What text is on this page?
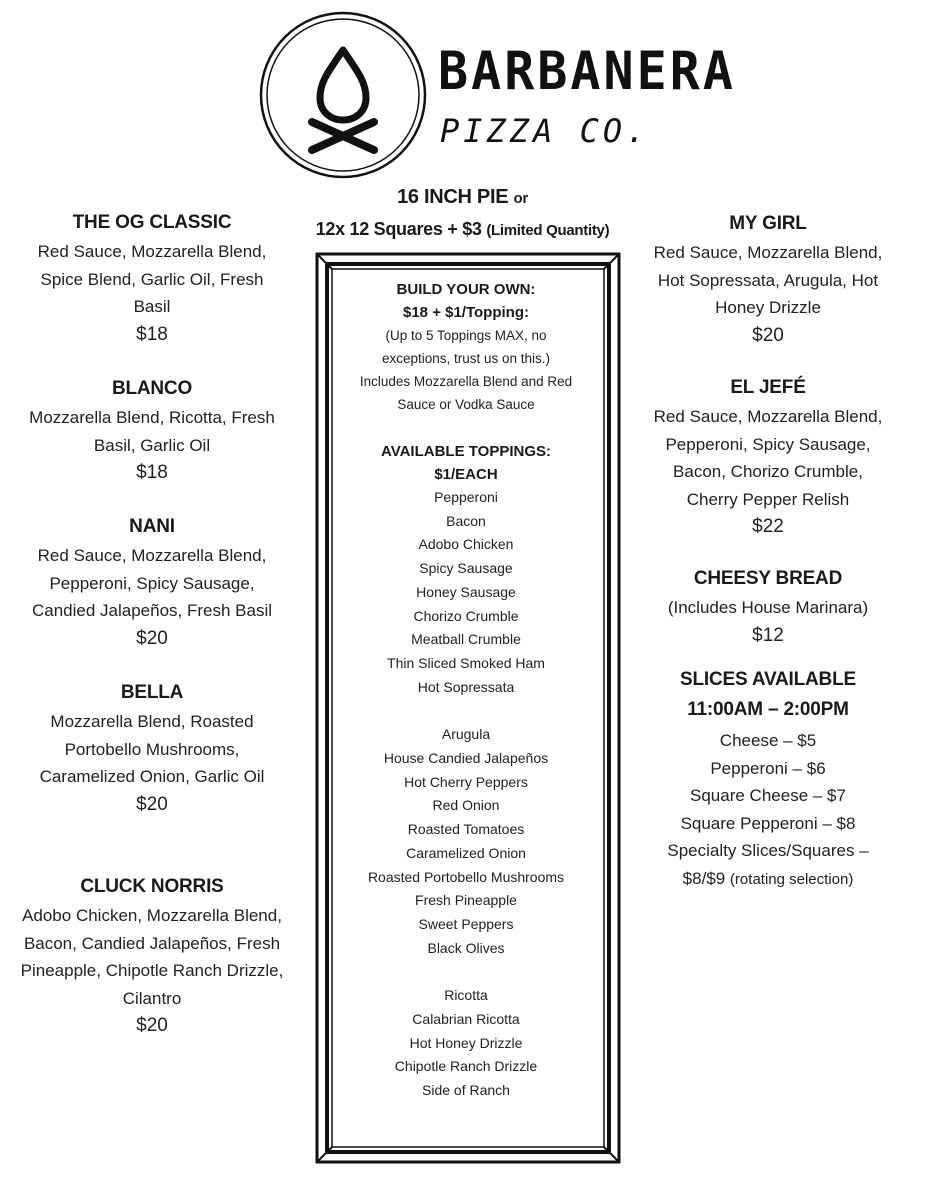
BARBANERA
PIZZA CO.
16 INCH PIE or
12x 12 Squares + $3 (Limited Quantity)
THE OG CLASSIC
Red Sauce, Mozzarella Blend,
Spice Blend, Garlic Oil, Fresh
Basil
$18
BLANCO
Mozzarella Blend, Ricotta, Fresh
Basil, Garlic Oil
$18
NANI
Red Sauce, Mozzarella Blend,
Pepperoni, Spicy Sausage,
Candied Jalapeños, Fresh Basil
$20
BELLA
Mozzarella Blend, Roasted
Portobello Mushrooms,
Caramelized Onion, Garlic Oil
$20
CLUCK NORRIS
Adobo Chicken, Mozzarella Blend,
Bacon, Candied Jalapeños, Fresh
Pineapple, Chipotle Ranch Drizzle,
Cilantro
$20
MY GIRL
Red Sauce, Mozzarella Blend,
Hot Sopressata, Arugula, Hot
Honey Drizzle
$20
EL JEFÉ
Red Sauce, Mozzarella Blend,
Pepperoni, Spicy Sausage,
Bacon, Chorizo Crumble,
Cherry Pepper Relish
$22
CHEESY BREAD
(Includes House Marinara)
$12
SLICES AVAILABLE
11:00AM – 2:00PM
Cheese – $5
Pepperoni – $6
Square Cheese – $7
Square Pepperoni – $8
Specialty Slices/Squares –
$8/$9 (rotating selection)
BUILD YOUR OWN:
$18 + $1/Topping:
(Up to 5 Toppings MAX, no
exceptions, trust us on this.)
Includes Mozzarella Blend and Red
Sauce or Vodka Sauce
AVAILABLE TOPPINGS:
$1/EACH
Pepperoni
Bacon
Adobo Chicken
Spicy Sausage
Honey Sausage
Chorizo Crumble
Meatball Crumble
Thin Sliced Smoked Ham
Hot Sopressata
Arugula
House Candied Jalapeños
Hot Cherry Peppers
Red Onion
Roasted Tomatoes
Caramelized Onion
Roasted Portobello Mushrooms
Fresh Pineapple
Sweet Peppers
Black Olives
Ricotta
Calabrian Ricotta
Hot Honey Drizzle
Chipotle Ranch Drizzle
Side of Ranch
